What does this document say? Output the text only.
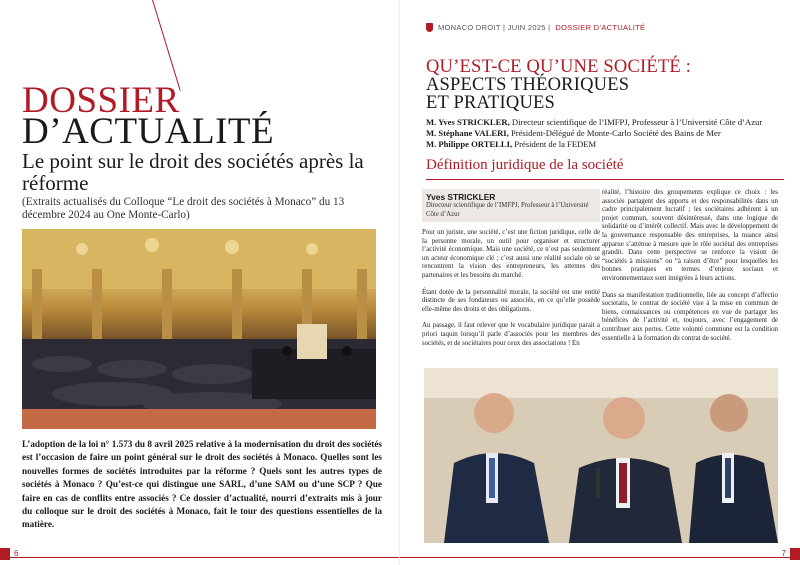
DOSSIER
D’ACTUALITÉ
Le point sur le droit des sociétés après la réforme
(Extraits actualisés du Colloque “Le droit des sociétés à Monaco” du 13 décembre 2024 au One Monte-Carlo)

L’adoption de la loi n° 1.573 du 8 avril 2025 relative à la modernisation du droit des sociétés est l’occasion de faire un point général sur le droit des sociétés à Monaco. Quelles sont les nouvelles formes de sociétés introduites par la réforme ? Quels sont les autres types de sociétés à Monaco ? Qu’est-ce qui distingue une SARL, d’une SAM ou d’une SCP ? Que faire en cas de conflits entre associés ? Ce dossier d’actualité, nourri d’extraits mis à jour du colloque sur le droit des sociétés à Monaco, fait le tour des questions essentielles de la matière.

6
MONACO DROIT | JUIN 2025 | DOSSIER D’ACTUALITÉ
QU’EST-CE QU’UNE SOCIÉTÉ :
ASPECTS THÉORIQUES
ET PRATIQUES
M. Yves STRICKLER, Directeur scientifique de l’IMFPJ, Professeur à l’Université Côte d’Azur
M. Stéphane VALERI, Président-Délégué de Monte-Carlo Société des Bains de Mer
M. Philippe ORTELLI, Président de la FEDEM
Définition juridique de la société
Yves STRICKLER
Directeur scientifique de l’IMFPJ, Professeur à l’Université Côte d’Azur

Pour un juriste, une société, c’est une fiction juridique, celle de la personne morale, un outil pour organiser et structurer l’activité économique. Mais une société, ce n’est pas seulement un acteur économique clé ; c’est aussi une réalité sociale où se rencontrent la vision des entrepreneurs, les attentes des partenaires et les besoins du marché.

Étant dotée de la personnalité morale, la société est une entité distincte de ses fondateurs ou associés, en ce qu’elle possède elle-même des droits et des obligations.

Au passage, il faut relever que le vocabulaire juridique parait a priori taquin lorsqu’il parle d’associés pour les membres des sociétés, et de sociétaires pour ceux des associations ! En

réalité, l’histoire des groupements explique ce choix : les associés partagent des apports et des responsabilités dans un cadre principalement lucratif ; les sociétaires adhèrent à un projet commun, souvent désintéressé, dans une logique de solidarité ou d’intérêt collectif. Mais avec le développement de la gouvernance responsable des entreprises, la nuance ainsi apparue s’atténue à mesure que le rôle sociétal des entreprises grandit. Dans cette perspective se renforce la vision de “sociétés à missions” ou “à raison d’être” pour lesquelles les bonnes pratiques en termes d’enjeux sociaux et environnementaux sont intégrées à leurs actions.

Dans sa manifestation traditionnelle, liée au concept d’affectio societatis, le contrat de société vise à la mise en commun de biens, connaissances ou compétences en vue de partager les bénéfices de l’activité et, toujours, avec l’engagement de contribuer aux pertes. Cette volonté commune est la condition essentielle à la formation du contrat de société.

7
